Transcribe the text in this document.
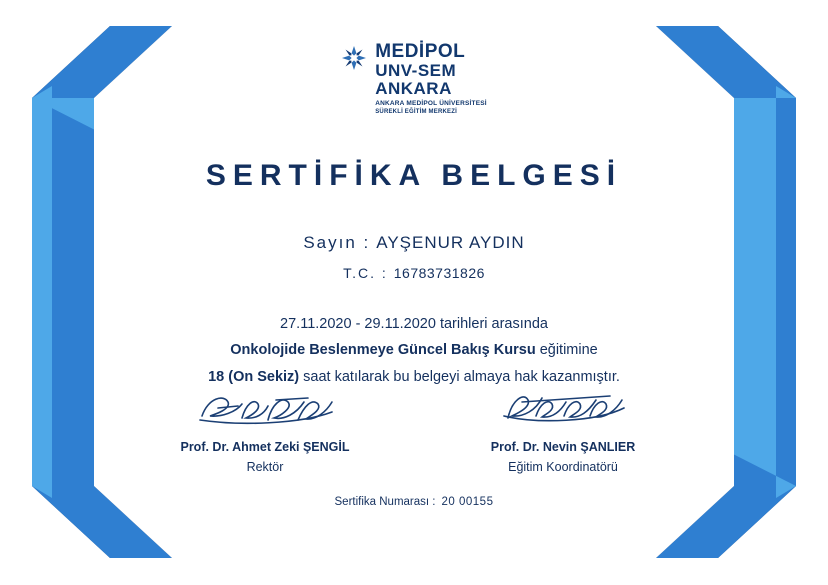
MEDİPOL
UNV-SEM
ANKARA
ANKARA MEDİPOL ÜNİVERSİTESİ
SÜREKLİ EĞİTİM MERKEZİ
SERTİFİKA BELGESİ
Sayın : AYŞENUR AYDIN
T.C. : 16783731826
27.11.2020 - 29.11.2020 tarihleri arasında
Onkolojide Beslenmeye Güncel Bakış Kursu eğitimine
18 (On Sekiz) saat katılarak bu belgeyi almaya hak kazanmıştır.
Prof. Dr. Ahmet Zeki ŞENGİL
Rektör
Prof. Dr. Nevin ŞANLIER
Eğitim Koordinatörü
Sertifika Numarası : 20 00155
